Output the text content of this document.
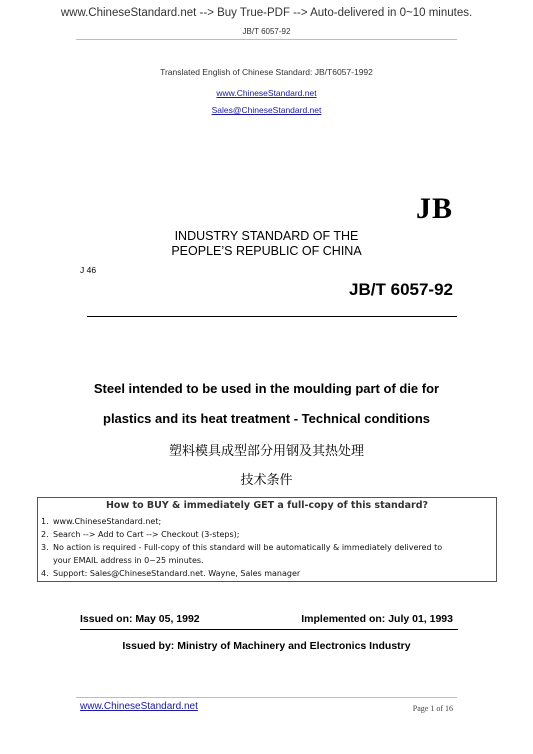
www.ChineseStandard.net --> Buy True-PDF --> Auto-delivered in 0~10 minutes.
JB/T 6057-92
Translated English of Chinese Standard: JB/T6057-1992
www.ChineseStandard.net
Sales@ChineseStandard.net
JB
INDUSTRY STANDARD OF THE
PEOPLE’S REPUBLIC OF CHINA
J 46
JB/T 6057-92
Steel intended to be used in the moulding part of die for
plastics and its heat treatment - Technical conditions
塑料模具成型部分用钢及其热处理
技术条件
How to BUY & immediately GET a full-copy of this standard?
1. www.ChineseStandard.net;
2. Search --> Add to Cart --> Checkout (3-steps);
3. No action is required - Full-copy of this standard will be automatically & immediately delivered to
your EMAIL address in 0~25 minutes.
4. Support: Sales@ChineseStandard.net. Wayne, Sales manager
Issued on: May 05, 1992	Implemented on: July 01, 1993
Issued by: Ministry of Machinery and Electronics Industry
www.ChineseStandard.net	Page 1 of 16
